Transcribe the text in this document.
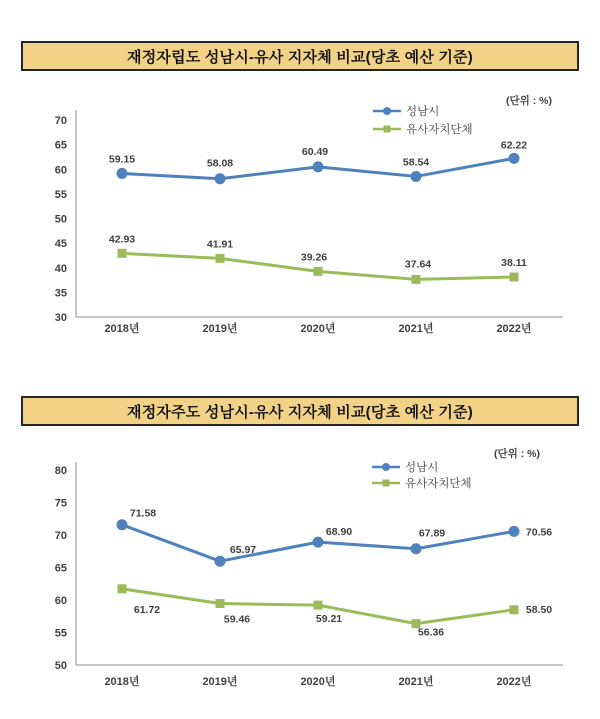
재정자립도 성남시-유사 지자체 비교(당초 예산 기준)
(단위 : %)
성남시
유사자치단체
30
35
40
45
50
55
60
65
70
2018년	2019년	2020년	2021년	2022년
59.15	58.08
60.49
58.54
62.22
42.93	41.91
39.26
37.64	38.11
재정자주도 성남시-유사 지자체 비교(당초 예산 기준)
(단위 : %)
성남시
유사자치단체
50
55
60
65
70
75
80
2018년	2019년	2020년	2021년	2022년
71.58
65.97
68.90	67.89	70.56
61.72
59.46	59.21
56.36
58.50
